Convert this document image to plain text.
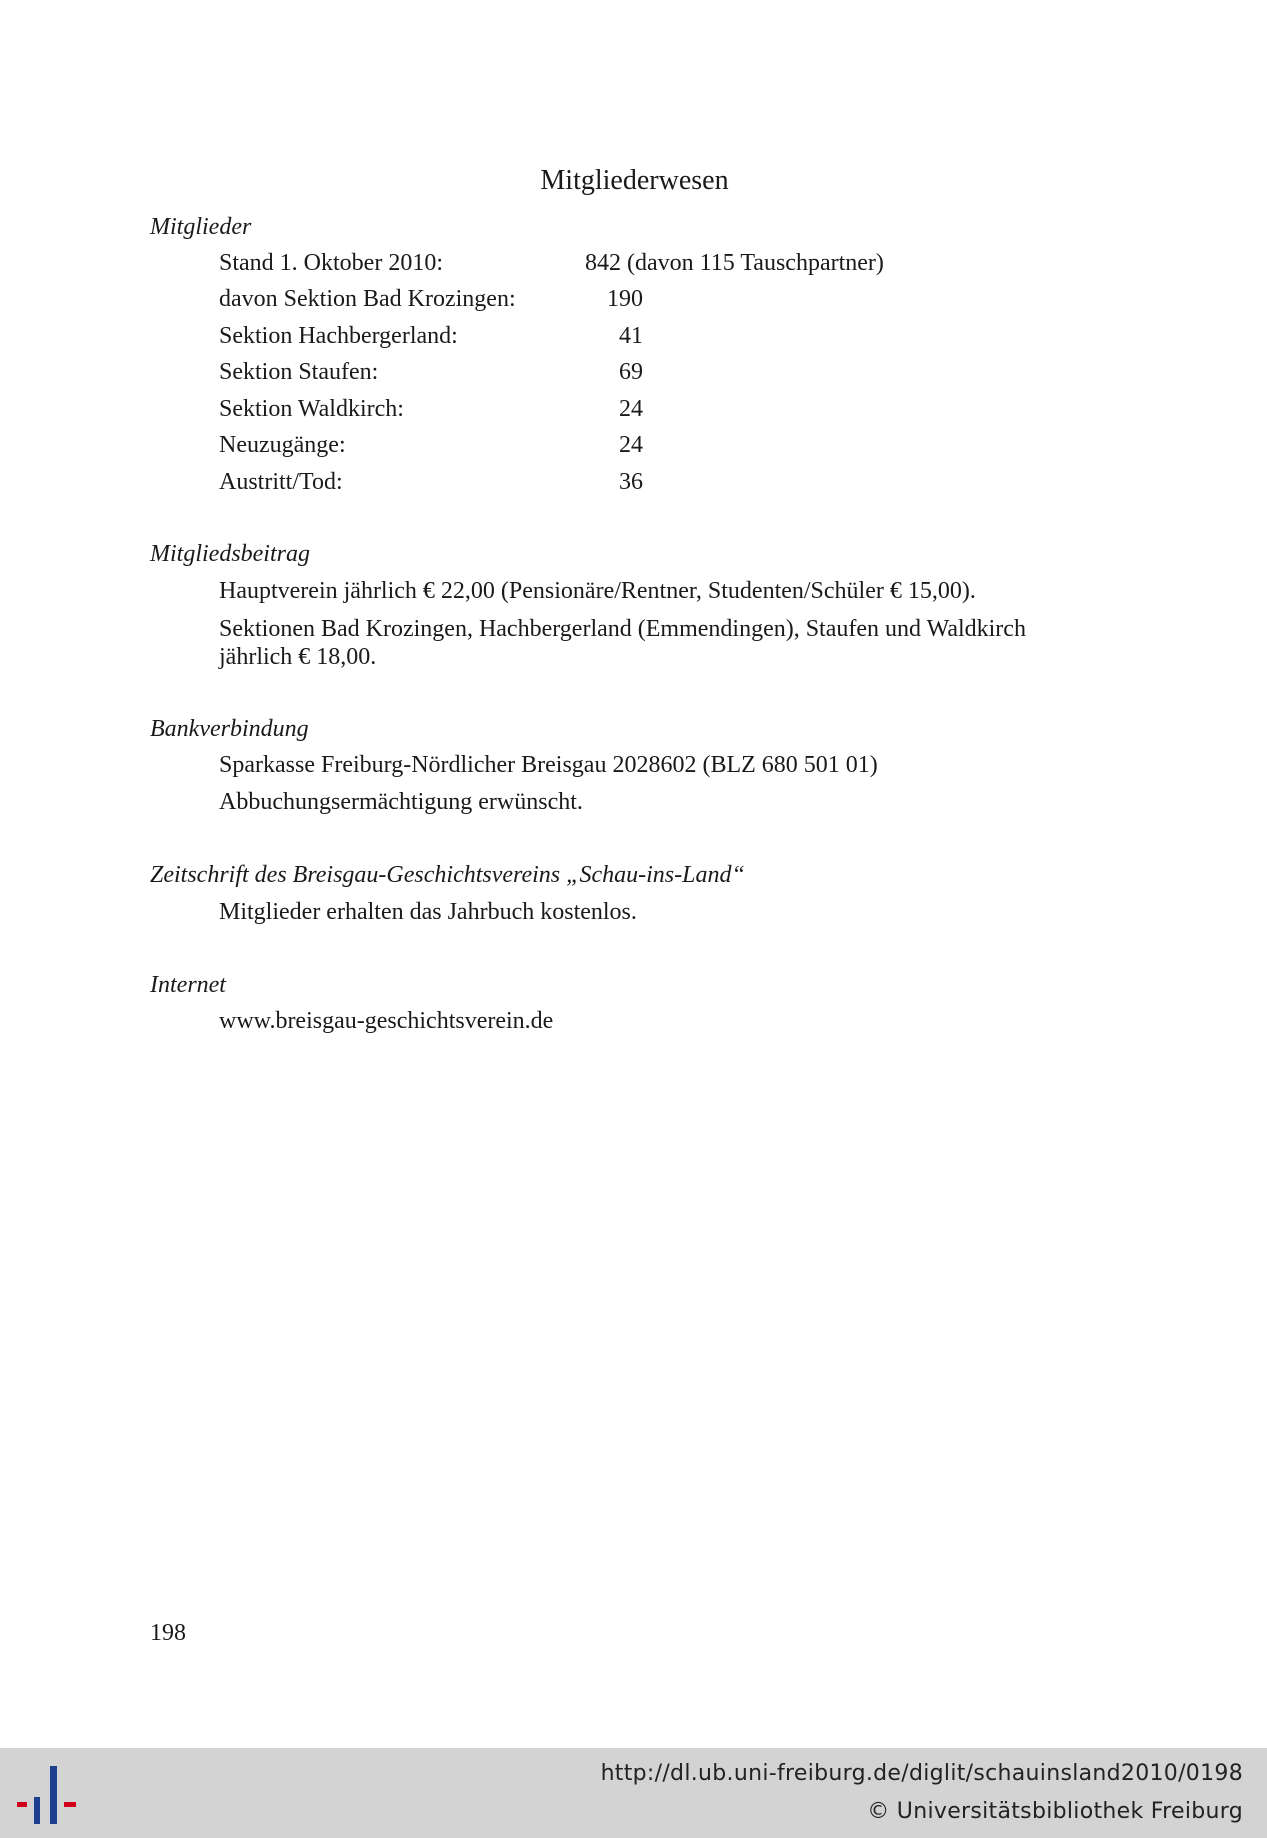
Mitgliederwesen
Mitglieder
Stand 1. Oktober 2010:	842 (davon 115 Tauschpartner)
davon Sektion Bad Krozingen:	190
Sektion Hachbergerland:	41
Sektion Staufen:	69
Sektion Waldkirch:	24
Neuzugänge:	24
Austritt/Tod:	36
Mitgliedsbeitrag
Hauptverein jährlich € 22,00 (Pensionäre/Rentner, Studenten/Schüler € 15,00).
Sektionen Bad Krozingen, Hachbergerland (Emmendingen), Staufen und Waldkirch
jährlich € 18,00.
Bankverbindung
Sparkasse Freiburg-Nördlicher Breisgau 2028602 (BLZ 680 501 01)
Abbuchungsermächtigung erwünscht.
Zeitschrift des Breisgau-Geschichtsvereins „Schau-ins-Land“
Mitglieder erhalten das Jahrbuch kostenlos.
Internet
www.breisgau-geschichtsverein.de
198
http://dl.ub.uni-freiburg.de/diglit/schauinsland2010/0198
© Universitätsbibliothek Freiburg
